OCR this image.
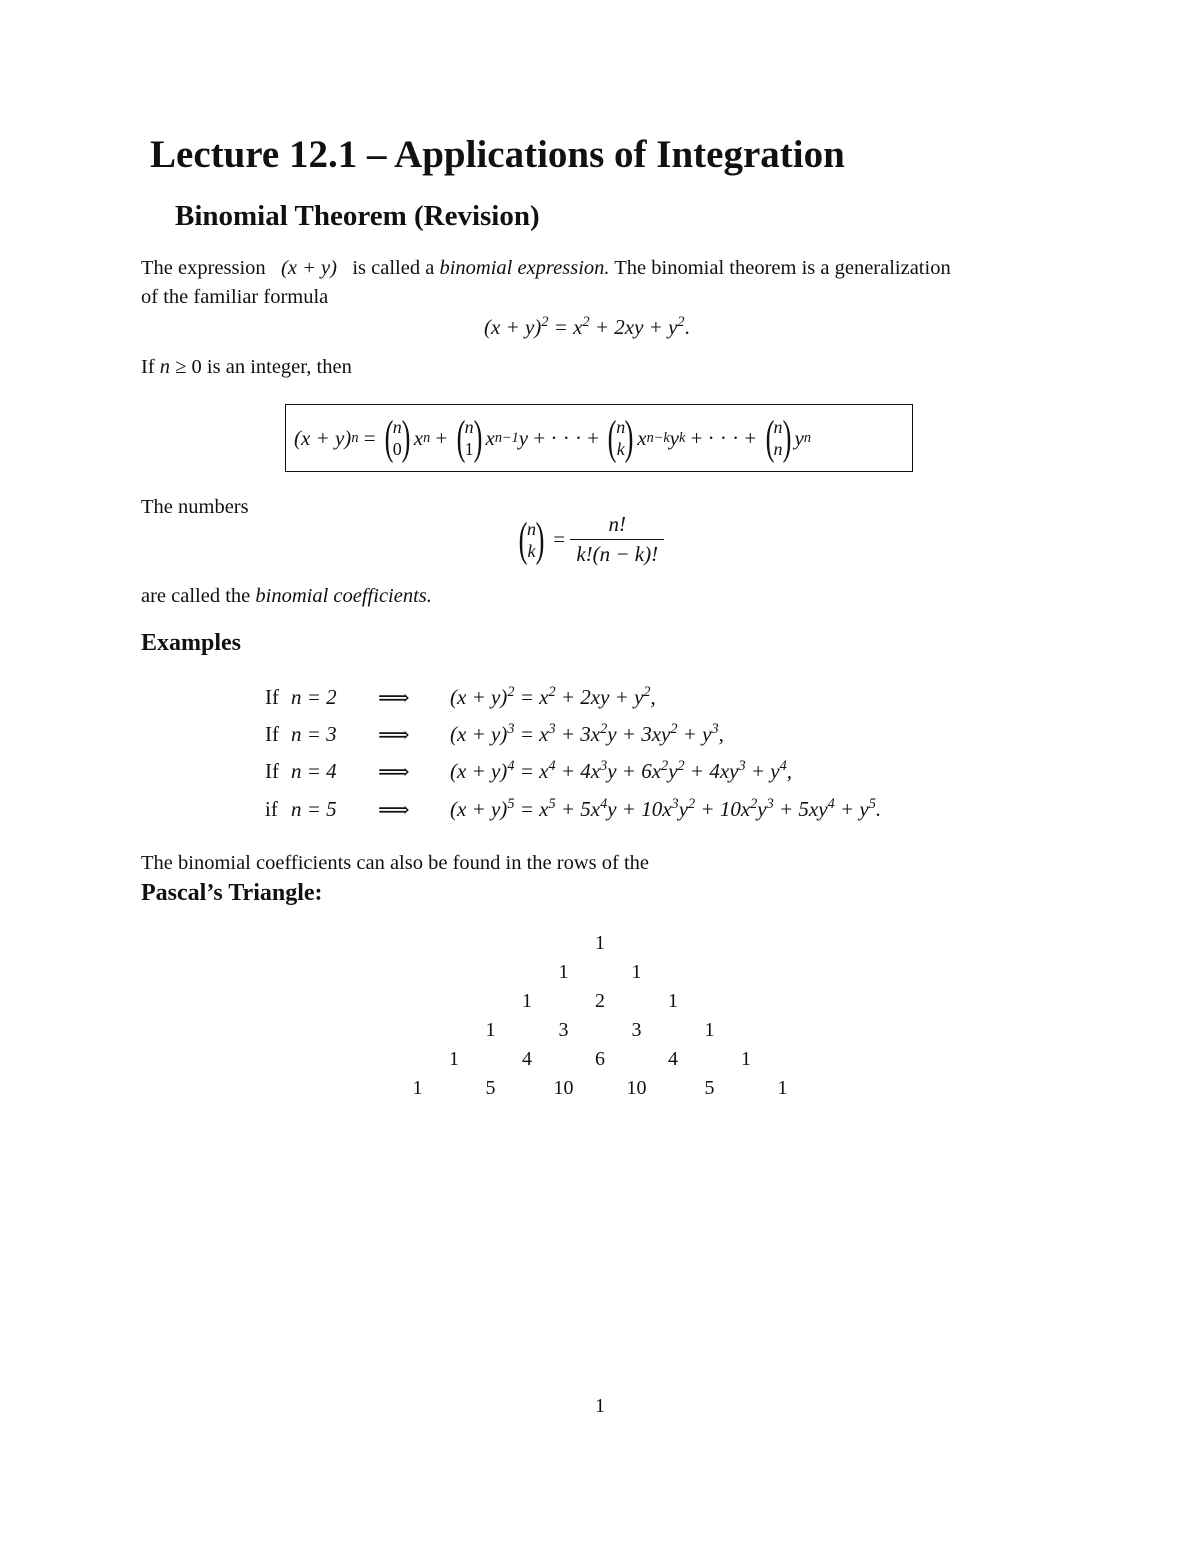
Lecture 12.1 – Applications of Integration
Binomial Theorem (Revision)
The expression (x + y) is called a binomial expression. The binomial theorem is a generalization
of the familiar formula
$(x + y)^2 = x^2 + 2xy + y^2$.
If n ≥ 0 is an integer, then
(x + y) n
=
( n
0 ) x n
+
( n
1 ) x n−1 y
+ · · · +
( n
k ) x n−k y k
+ · · · +
( n
n ) y n
The numbers
( n
k )
=
$\frac{n!}{k!(n - k)!}$
are called the binomial coefficients.
Examples
If n = 2 ⟹ $(x + y)^2 = x^2 + 2xy + y^2$,
If n = 3 ⟹ $(x + y)^3 = x^3 + 3x^2y + 3xy^2 + y^3$,
If n = 4 ⟹ $(x + y)^4 = x^4 + 4x^3y + 6x^2y^2 + 4xy^3 + y^4$,
if n = 5 ⟹ $(x + y)^5 = x^5 + 5x^4y + 10x^3y^2 + 10x^2y^3 + 5xy^4 + y^5$.
The binomial coefficients can also be found in the rows of the
Pascal’s Triangle:
1
1	1
1	2	1
1	3	3	1
1	4	6	4	1
1	5	10	10	5	1
1
